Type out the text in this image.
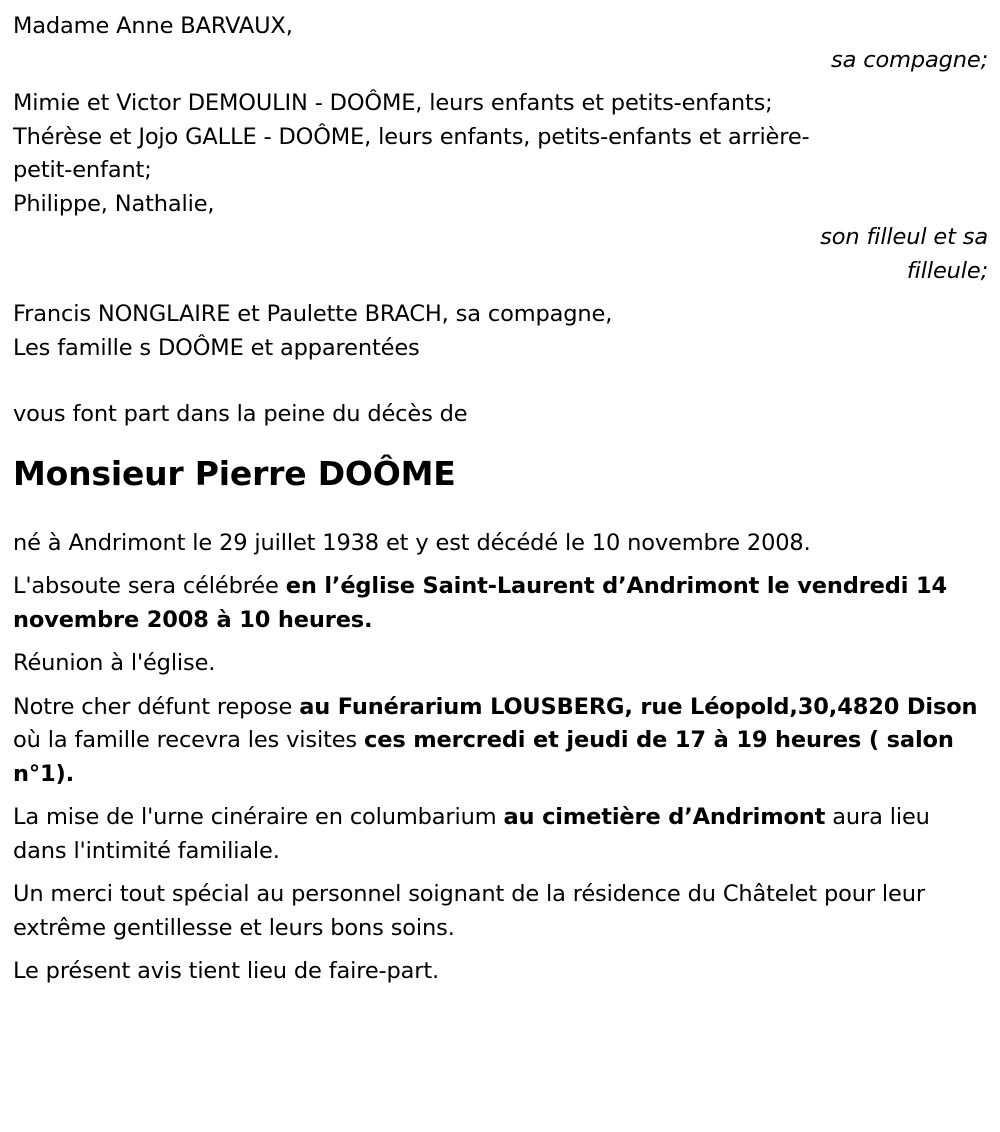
Madame Anne BARVAUX,
sa compagne;
Mimie et Victor DEMOULIN - DOÔME, leurs enfants et petits-enfants;
Thérèse et Jojo GALLE - DOÔME, leurs enfants, petits-enfants et arrière-
petit-enfant;
Philippe, Nathalie,
son filleul et sa
filleule;
Francis NONGLAIRE et Paulette BRACH, sa compagne,
Les famille s DOÔME et apparentées
vous font part dans la peine du décès de
Monsieur Pierre DOÔME
né à Andrimont le 29 juillet 1938 et y est décédé le 10 novembre 2008.

L'absoute sera célébrée en l’église Saint-Laurent d’Andrimont le vendredi 14 novembre 2008 à 10 heures.

Réunion à l'église.

Notre cher défunt repose au Funérarium LOUSBERG, rue Léopold,30,4820 Dison où la famille recevra les visites ces mercredi et jeudi de 17 à 19 heures ( salon n°1).

La mise de l'urne cinéraire en columbarium au cimetière d’Andrimont aura lieu dans l'intimité familiale.

Un merci tout spécial au personnel soignant de la résidence du Châtelet pour leur extrême gentillesse et leurs bons soins.

Le présent avis tient lieu de faire-part.
